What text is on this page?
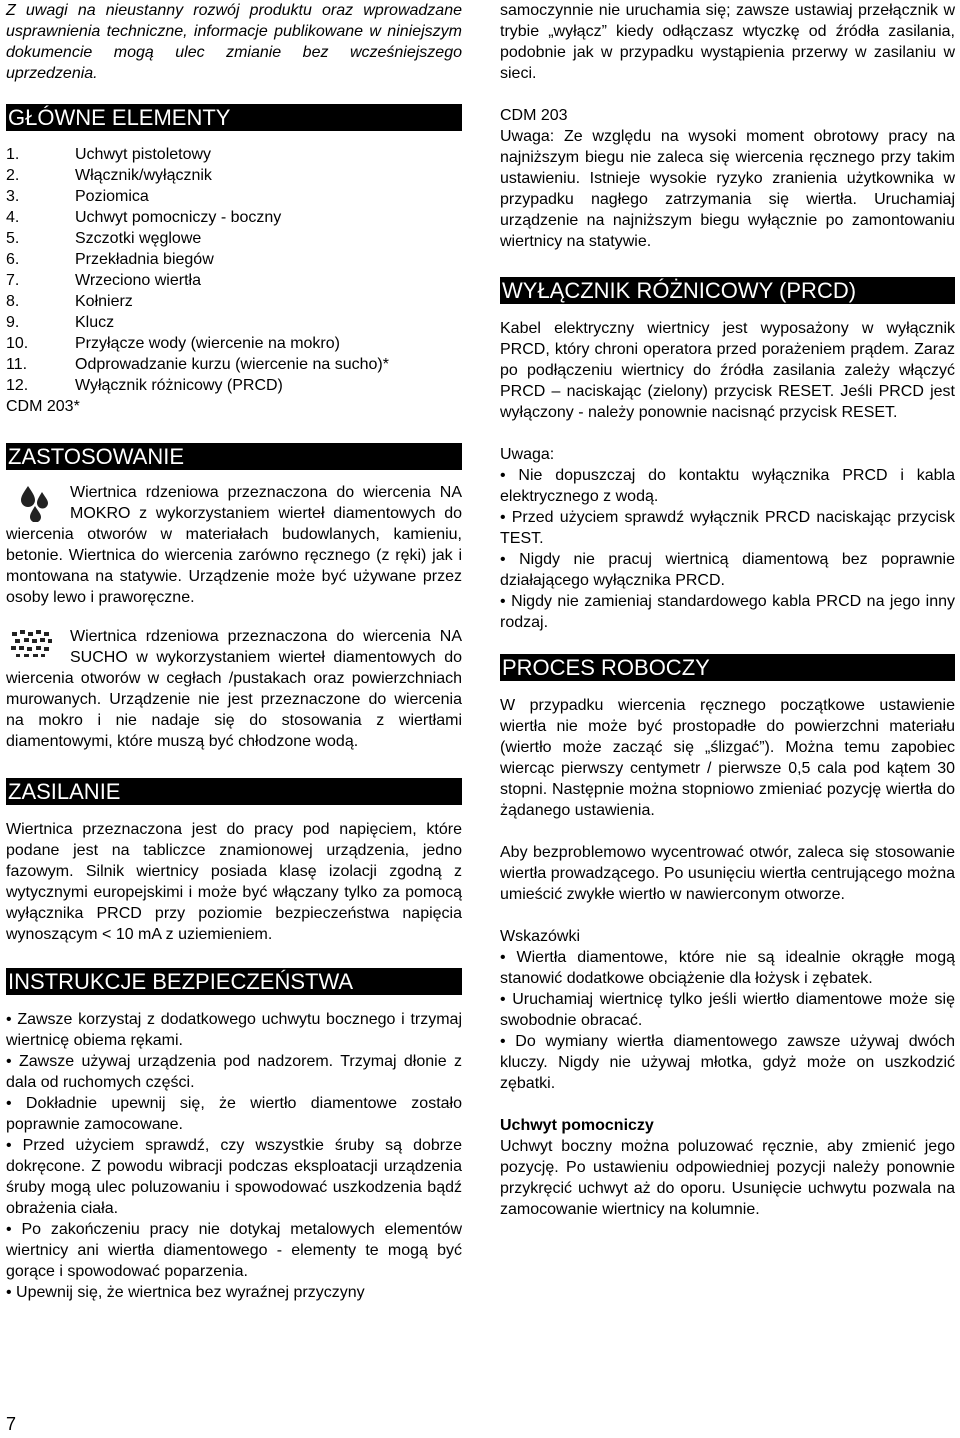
Z uwagi na nieustanny rozwój produktu oraz wprowadzane usprawnienia techniczne, informacje publikowane w niniejszym dokumencie mogą ulec zmianie bez wcześniejszego uprzedzenia.

GŁÓWNE ELEMENTY
1.	Uchwyt pistoletowy
2.	Włącznik/wyłącznik
3.	Poziomica
4.	Uchwyt pomocniczy - boczny
5.	Szczotki węglowe
6.	Przekładnia biegów
7.	Wrzeciono wiertła
8.	Kołnierz
9.	Klucz
10.	Przyłącze wody (wiercenie na mokro)
11.	Odprowadzanie kurzu (wiercenie na sucho)*
12.	Wyłącznik różnicowy (PRCD)

CDM 203*

ZASTOSOWANIE

Wiertnica rdzeniowa przeznaczona do wiercenia NA MOKRO z wykorzystaniem wierteł diamentowych do wiercenia otworów w materiałach budowlanych, kamieniu, betonie. Wiertnica do wiercenia zarówno ręcznego (z ręki) jak i montowana na statywie. Urządzenie może być używane przez osoby lewo i praworęczne.

Wiertnica rdzeniowa przeznaczona do wiercenia NA SUCHO w wykorzystaniem wierteł diamentowych do wiercenia otworów w cegłach /pustakach oraz powierzchniach murowanych. Urządzenie nie jest przeznaczone do wiercenia na mokro i nie nadaje się do stosowania z wiertłami diamentowymi, które muszą być chłodzone wodą.

ZASILANIE

Wiertnica przeznaczona jest do pracy pod napięciem, które podane jest na tabliczce znamionowej urządzenia, jedno fazowym. Silnik wiertnicy posiada klasę izolacji zgodną z wytycznymi europejskimi i może być włączany tylko za pomocą wyłącznika PRCD przy poziomie bezpieczeństwa napięcia wynoszącym < 10 mA z uziemieniem.

INSTRUKCJE BEZPIECZEŃSTWA

• Zawsze korzystaj z dodatkowego uchwytu bocznego i trzymaj wiertnicę obiema rękami.

• Zawsze używaj urządzenia pod nadzorem. Trzymaj dłonie z dala od ruchomych części.

• Dokładnie upewnij się, że wiertło diamentowe zostało poprawnie zamocowane.

• Przed użyciem sprawdź, czy wszystkie śruby są dobrze dokręcone. Z powodu wibracji podczas eksploatacji urządzenia śruby mogą ulec poluzowaniu i spowodować uszkodzenia bądź obrażenia ciała.

• Po zakończeniu pracy nie dotykaj metalowych elementów wiertnicy ani wiertła diamentowego - elementy te mogą być gorące i spowodować poparzenia.

• Upewnij się, że wiertnica bez wyraźnej przyczyny

7

samoczynnie nie uruchamia się; zawsze ustawiaj przełącznik w trybie „wyłącz” kiedy odłączasz wtyczkę od źródła zasilania, podobnie jak w przypadku wystąpienia przerwy w zasilaniu w sieci.

CDM 203

Uwaga: Ze względu na wysoki moment obrotowy pracy na najniższym biegu nie zaleca się wiercenia ręcznego przy takim ustawieniu. Istnieje wysokie ryzyko zranienia użytkownika w przypadku nagłego zatrzymania się wiertła. Uruchamiaj urządzenie na najniższym biegu wyłącznie po zamontowaniu wiertnicy na statywie.

WYŁĄCZNIK RÓŻNICOWY (PRCD)

Kabel elektryczny wiertnicy jest wyposażony w wyłącznik PRCD, który chroni operatora przed porażeniem prądem. Zaraz po podłączeniu wiertnicy do źródła zasilania zależy włączyć PRCD – naciskając (zielony) przycisk RESET. Jeśli PRCD jest wyłączony - należy ponownie nacisnąć przycisk RESET.

Uwaga:

• Nie dopuszczaj do kontaktu wyłącznika PRCD i kabla elektrycznego z wodą.

• Przed użyciem sprawdź wyłącznik PRCD naciskając przycisk TEST.

• Nigdy nie pracuj wiertnicą diamentową bez poprawnie działającego wyłącznika PRCD.

• Nigdy nie zamieniaj standardowego kabla PRCD na jego inny rodzaj.

PROCES ROBOCZY

W przypadku wiercenia ręcznego początkowe ustawienie wiertła nie może być prostopadłe do powierzchni materiału (wiertło może zacząć się „ślizgać”). Można temu zapobiec wiercąc pierwszy centymetr / pierwsze 0,5 cala pod kątem 30 stopni. Następnie można stopniowo zmieniać pozycję wiertła do żądanego ustawienia.

Aby bezproblemowo wycentrować otwór, zaleca się stosowanie wiertła prowadzącego. Po usunięciu wiertła centrującego można umieścić zwykłe wiertło w nawierconym otworze.

Wskazówki

• Wiertła diamentowe, które nie są idealnie okrągłe mogą stanowić dodatkowe obciążenie dla łożysk i zębatek.

• Uruchamiaj wiertnicę tylko jeśli wiertło diamentowe może się swobodnie obracać.

• Do wymiany wiertła diamentowego zawsze używaj dwóch kluczy. Nigdy nie używaj młotka, gdyż może on uszkodzić zębatki.

Uchwyt pomocniczy

Uchwyt boczny można poluzować ręcznie, aby zmienić jego pozycję. Po ustawieniu odpowiedniej pozycji należy ponownie przykręcić uchwyt aż do oporu. Usunięcie uchwytu pozwala na zamocowanie wiertnicy na kolumnie.
